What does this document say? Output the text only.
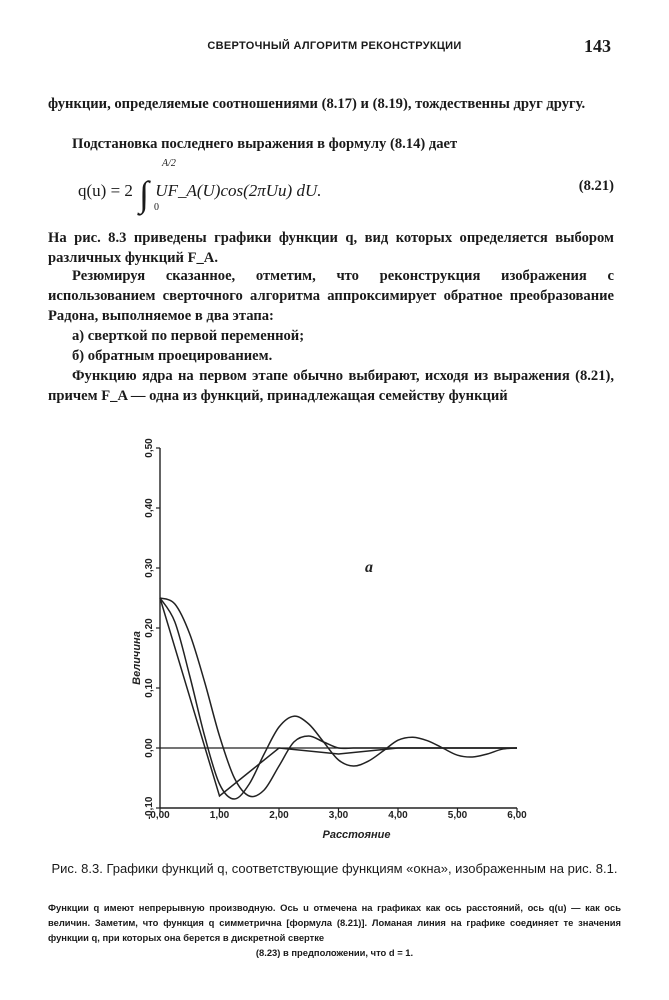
СВЕРТОЧНЫЙ АЛГОРИТМ РЕКОНСТРУКЦИИ	143
функции, определяемые соотношениями (8.17) и (8.19), тождественны друг другу.
Подстановка последнего выражения в формулу (8.14) дает
q(u) = 2 ∫ UF_A(U)cos(2πUu) dU.
A/2
0
(8.21)
На рис. 8.3 приведены графики функции q, вид которых определяется выбором различных функций F_A.
Резюмируя сказанное, отметим, что реконструкция изображения с использованием сверточного алгоритма аппроксимирует обратное преобразование Радона, выполняемое в два этапа:
а) сверткой по первой переменной;
б) обратным проецированием.
Функцию ядра на первом этапе обычно выбирают, исходя из выражения (8.21), причем F_A — одна из функций, принадлежащая семейству функций
-0,10
0,00
0,10
0,20
0,30
0,40
0,50
0,00	1,00	2,00	3,00	4,00	5,00	6,00
а
Расстояние
Величина
Рис. 8.3. Графики функций q, соответствующие функциям «окна», изображенным на рис. 8.1.
Функции q имеют непрерывную производную. Ось u отмечена на графиках как ось расстояний, ось q(u) — как ось величин. Заметим, что функция q симметрична [формула (8.21)]. Ломаная линия на графике соединяет те значения функции q, при которых она берется в дискретной свертке
(8.23) в предположении, что d = 1.
